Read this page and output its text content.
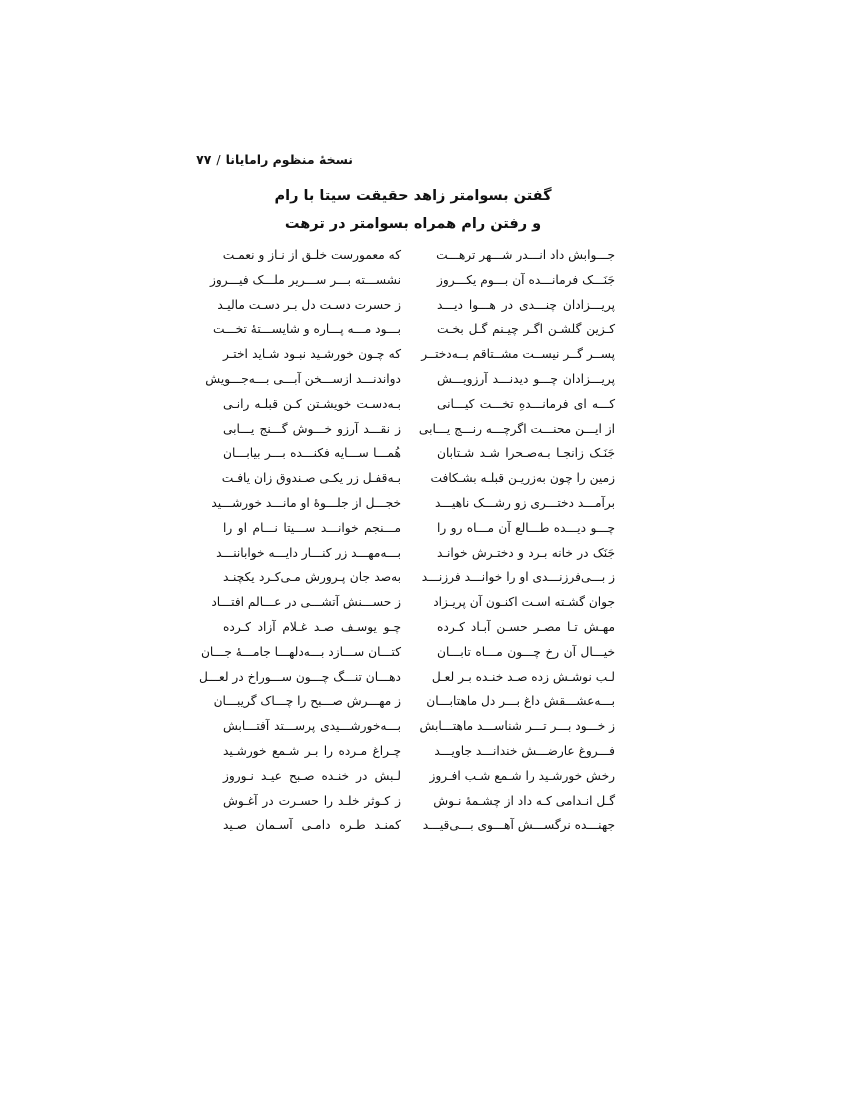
نسخهٔ منظوم رامایانا
/
۷۷
گفتن بسوامتر زاهد حقیقت سیتا با رام
و رفتن رام همراه بسوامتر در ترهت
جـــوابش داد انـــدر شـــهر ترهـــت
که معمورست خلـق از نـاز و نعمـت
جَنَـــک فرمانـــده آن بـــوم یکـــروز
نشســـته بـــر ســـریر ملـــک فیـــروز
پریـــزادان چنـــدی در هـــوا دیـــد
ز حسرت دسـت دل بـر دسـت مالیـد
کـزین گلشـن اگـر چیـنم گـل بخـت
بـــود مـــه پـــاره و شایســـتهٔ تخـــت
پســر گــر نیســت مشــتاقم بــه‌دختــر
که چـون خورشـید نبـود شـاید اختـر
پریـــزادان چـــو دیدنـــد آرزویـــش
دواندنـــد ازســـخن آبـــی بـــه‌جـــویش
کـــه ای فرمانـــدهِ تخـــت کیـــانی
بـه‌دسـت خویشـتن کـن قبلـه رانـی
از ایـــن محنـــت اگرچـــه رنـــج یـــابی
ز نقـــد آرزو خـــوش گـــنج یـــابی
جَنَـک زانجـا بـه‌صـحرا شـد شـتابان
هُمـــا ســـایه فکنـــده بـــر بیابـــان
زمین را چون به‌زریـن قبلـه بشـکافت
بـه‌قفـل زر یکـی صـندوق زان یافـت
برآمـــد دختـــری زو رشـــک ناهیـــد
خجـــل از جلـــوهٔ او مانـــد خورشـــید
چـــو دیـــده طـــالع آن مـــاه رو را
مـــنجم خوانـــد ســـیتا نـــام او را
جَنَک در خانه بـرد و دختـرش خوانـد
بـــه‌مهـــد زر کنـــار دایـــه خواباننـــد
ز بـــی‌فرزنـــدی او را خوانـــد فرزنـــد
به‌صد جان پـرورش مـی‌کـرد یکچنـد
جوان گشـته اسـت اکنـون آن پریـزاد
ز حســـنش آتشـــی در عـــالم افتـــاد
مهـش تـا مصـر حسـن آبـاد کـرده
چـو یوسـف صـد غـلام آزاد کـرده
خیـــال آن رخ چـــون مـــاه تابـــان
کتـــان ســـازد بـــه‌دلهـــا جامـــهٔ جـــان
لـب نوشـش زده صـد خنـده بـر لعـل
دهـــان تنـــگ چـــون ســـوراخ در لعـــل
بـــه‌عشـــقش داغ بـــر دل ماهتابـــان
ز مهـــرش صـــبح را چـــاک گریبـــان
ز خـــود بـــر تـــر شناســـد ماهتـــابش
بـــه‌خورشـــیدی پرســـتد آفتـــابش
فـــروغ عارضـــش خندانـــد جاویـــد
چـراغ مـرده را بـر شـمع خورشـید
رخش خورشـید را شـمع شـب افـروز
لـبش در خنـده صـبح عیـد نـوروز
گـل انـدامی کـه داد از چشـمهٔ نـوش
ز کـوثر خلـد را حسـرت در آغـوش
جهنـــده نرگســـش آهـــوی بـــی‌قیـــد
کمنـد طـره دامـی آسـمان صـید
